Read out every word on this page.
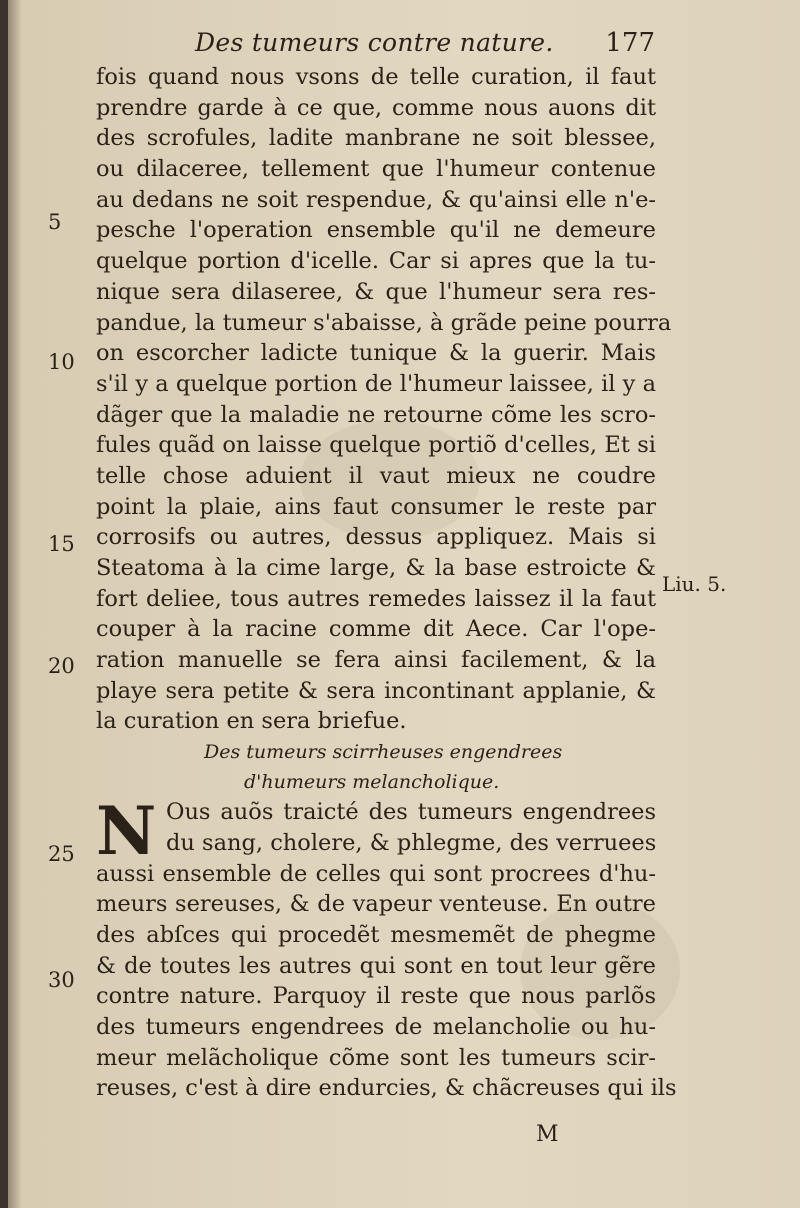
Des tumeurs contre nature. 177
5
10
15
20
25
30
Liu. 5.
fois quand nous vsons de telle curation, il faut
prendre garde à ce que, comme nous auons dit
des scrofules, ladite manbrane ne soit blessee,
ou dilaceree, tellement que l'humeur contenue
au dedans ne soit respendue, & qu'ainsi elle n'e-
pesche l'operation ensemble qu'il ne demeure
quelque portion d'icelle. Car si apres que la tu-
nique sera dilaseree, & que l'humeur sera res-
pandue, la tumeur s'abaisse, à grãde peine pourra
on escorcher ladicte tunique & la guerir. Mais
s'il y a quelque portion de l'humeur laissee, il y a
dãger que la maladie ne retourne cõme les scro-
fules quãd on laisse quelque portiõ d'celles, Et si
telle chose aduient il vaut mieux ne coudre
point la plaie, ains faut consumer le reste par
corrosifs ou autres, dessus appliquez. Mais si
Steatoma à la cime large, & la base estroicte &
fort deliee, tous autres remedes laissez il la faut
couper à la racine comme dit Aece. Car l'ope-
ration manuelle se fera ainsi facilement, & la
playe sera petite & sera incontinant applanie, &
la curation en sera briefue.
Des tumeurs scirrheuses engendrees
d'humeurs melancholique.
N Ous auõs traicté des tumeurs engendrees
du sang, cholere, & phlegme, des verruees
aussi ensemble de celles qui sont procrees d'hu-
meurs sereuses, & de vapeur venteuse. En outre
des abſces qui procedẽt mesmemẽt de phegme
& de toutes les autres qui sont en tout leur gẽre
contre nature. Parquoy il reste que nous parlõs
des tumeurs engendrees de melancholie ou hu-
meur melãcholique cõme sont les tumeurs scir-
reuses, c'est à dire endurcies, & chãcreuses qui ils
M
